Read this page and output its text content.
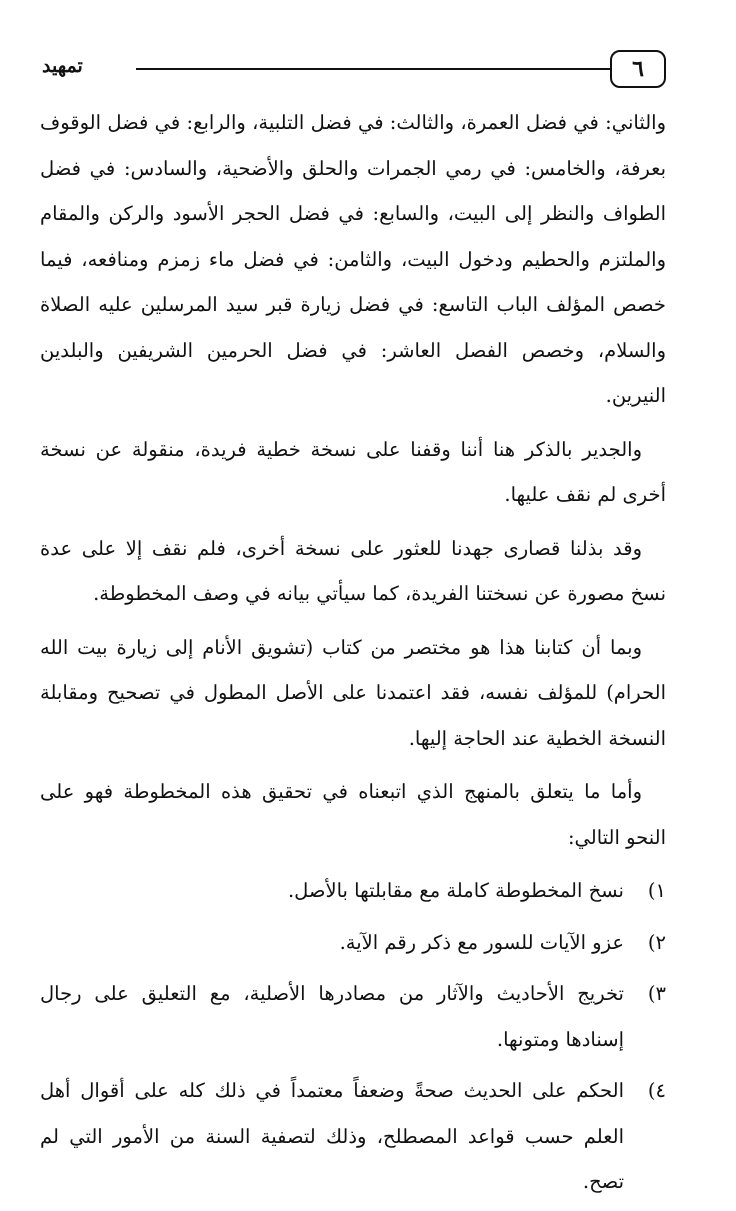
٦
تمهيد

والثاني: في فضل العمرة، والثالث: في فضل التلبية، والرابع: في فضل الوقوف بعرفة، والخامس: في رمي الجمرات والحلق والأضحية، والسادس: في فضل الطواف والنظر إلى البيت، والسابع: في فضل الحجر الأسود والركن والمقام والملتزم والحطيم ودخول البيت، والثامن: في فضل ماء زمزم ومنافعه، فيما خصص المؤلف الباب التاسع: في فضل زيارة قبر سيد المرسلين عليه الصلاة والسلام، وخصص الفصل العاشر: في فضل الحرمين الشريفين والبلدين النيرين.

والجدير بالذكر هنا أننا وقفنا على نسخة خطية فريدة، منقولة عن نسخة أخرى لم نقف عليها.

وقد بذلنا قصارى جهدنا للعثور على نسخة أخرى، فلم نقف إلا على عدة نسخ مصورة عن نسختنا الفريدة، كما سيأتي بيانه في وصف المخطوطة.

وبما أن كتابنا هذا هو مختصر من كتاب (تشويق الأنام إلى زيارة بيت الله الحرام) للمؤلف نفسه، فقد اعتمدنا على الأصل المطول في تصحيح ومقابلة النسخة الخطية عند الحاجة إليها.

وأما ما يتعلق بالمنهج الذي اتبعناه في تحقيق هذه المخطوطة فهو على النحو التالي:

١)
نسخ المخطوطة كاملة مع مقابلتها بالأصل.
٢)
عزو الآيات للسور مع ذكر رقم الآية.
٣)
تخريج الأحاديث والآثار من مصادرها الأصلية، مع التعليق على رجال إسنادها ومتونها.
٤)
الحكم على الحديث صحةً وضعفاً معتمداً في ذلك كله على أقوال أهل العلم حسب قواعد المصطلح، وذلك لتصفية السنة من الأمور التي لم تصح.
